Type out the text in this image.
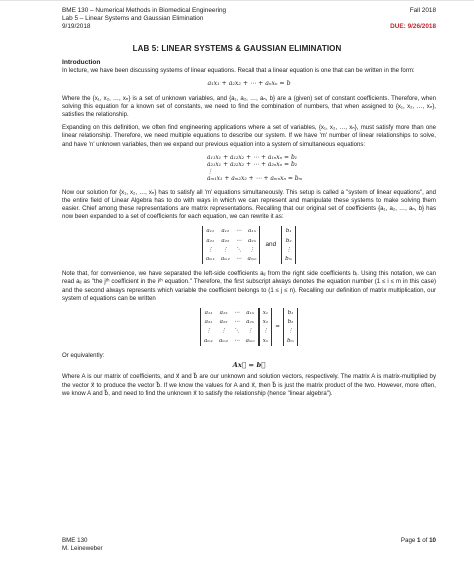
BME 130 – Numerical Methods in Biomedical Engineering
Lab 5 – Linear Systems and Gaussian Elimination
9/19/2018
Fall 2018

DUE: 9/26/2018
LAB 5: LINEAR SYSTEMS & GAUSSIAN ELIMINATION
Introduction

In lecture, we have been discussing systems of linear equations. Recall that a linear equation is one that can be written in the form:

a₁x₁ + a₂x₂ + ⋯ + aₙxₙ = b

Where the {x₁, x₂, …, xₙ} is a set of unknown variables, and {a₁, a₂, …, aₙ, b} are a (given) set of constant coefficients. Therefore, when solving this equation for a known set of constants, we need to find the combination of numbers, that when assigned to {x₁, x₂, …, xₙ}, satisfies the relationship.

Expanding on this definition, we often find engineering applications where a set of variables, {x₁, x₂, …, xₙ}, must satisfy more than one linear relationship. Therefore, we need multiple equations to describe our system. If we have 'm' number of linear relationships to solve, and have 'n' unknown variables, then we expand our previous equation into a system of simultaneous equations:

a₁₁x₁ + a₁₂x₂ + ⋯ + a₁ₙxₙ = b₁
a₂₁x₁ + a₂₂x₂ + ⋯ + a₂ₙxₙ = b₂
⋮
aₘ₁x₁ + aₘ₂x₂ + ⋯ + aₘₙxₙ = bₘ

Now our solution for {x₁, x₂, …, xₙ} has to satisfy all 'm' equations simultaneously. This setup is called a "system of linear equations", and the entire field of Linear Algebra has to do with ways in which we can represent and manipulate these systems to make solving them easier. Chief among these representations are matrix representations. Recalling that our original set of coefficients {a₁, a₂, …, aₙ, b} has now been expanded to a set of coefficients for each equation, we can rewrite it as:

a₁₁ a₁₂ ⋯ a₁ₙ
a₂₁ a₂₂ ⋯ a₂ₙ
⋮	⋮	⋱	⋮
aₘ₁ aₘ₂ ⋯ aₘₙ
and
b₁
b₂
⋮
bₘ

Note that, for convenience, we have separated the left-side coefficients aᵢⱼ from the right side coefficients bᵢ. Using this notation, we can read aᵢⱼ as "the jᵗʰ coefficient in the iᵗʰ equation." Therefore, the first subscript always denotes the equation number (1 ≤ i ≤ m in this case) and the second always represents which variable the coefficient belongs to (1 ≤ j ≤ n). Recalling our definition of matrix multiplication, our system of equations can be written

a₁₁ a₁₂ ⋯ a₁ₙ
a₂₁ a₂₂ ⋯ a₂ₙ
⋮	⋮	⋱	⋮
aₘ₁ aₘ₂ ⋯ aₘₙ
x₁
x₂
⋮
xₙ
=
b₁
b₂
⋮
bₘ
Or equivalently:
Ax⃗ = b⃗

Where A is our matrix of coefficients, and x⃗ and b⃗ are our unknown and solution vectors, respectively. The matrix A is matrix-multiplied by the vector x⃗ to produce the vector b⃗. If we know the values for A and x⃗, then b⃗ is just the matrix product of the two. However, more often, we know A and b⃗, and need to find the unknown x⃗ to satisfy the relationship (hence "linear algebra").

BME 130
M. Leineweber
Page 1 of 10
